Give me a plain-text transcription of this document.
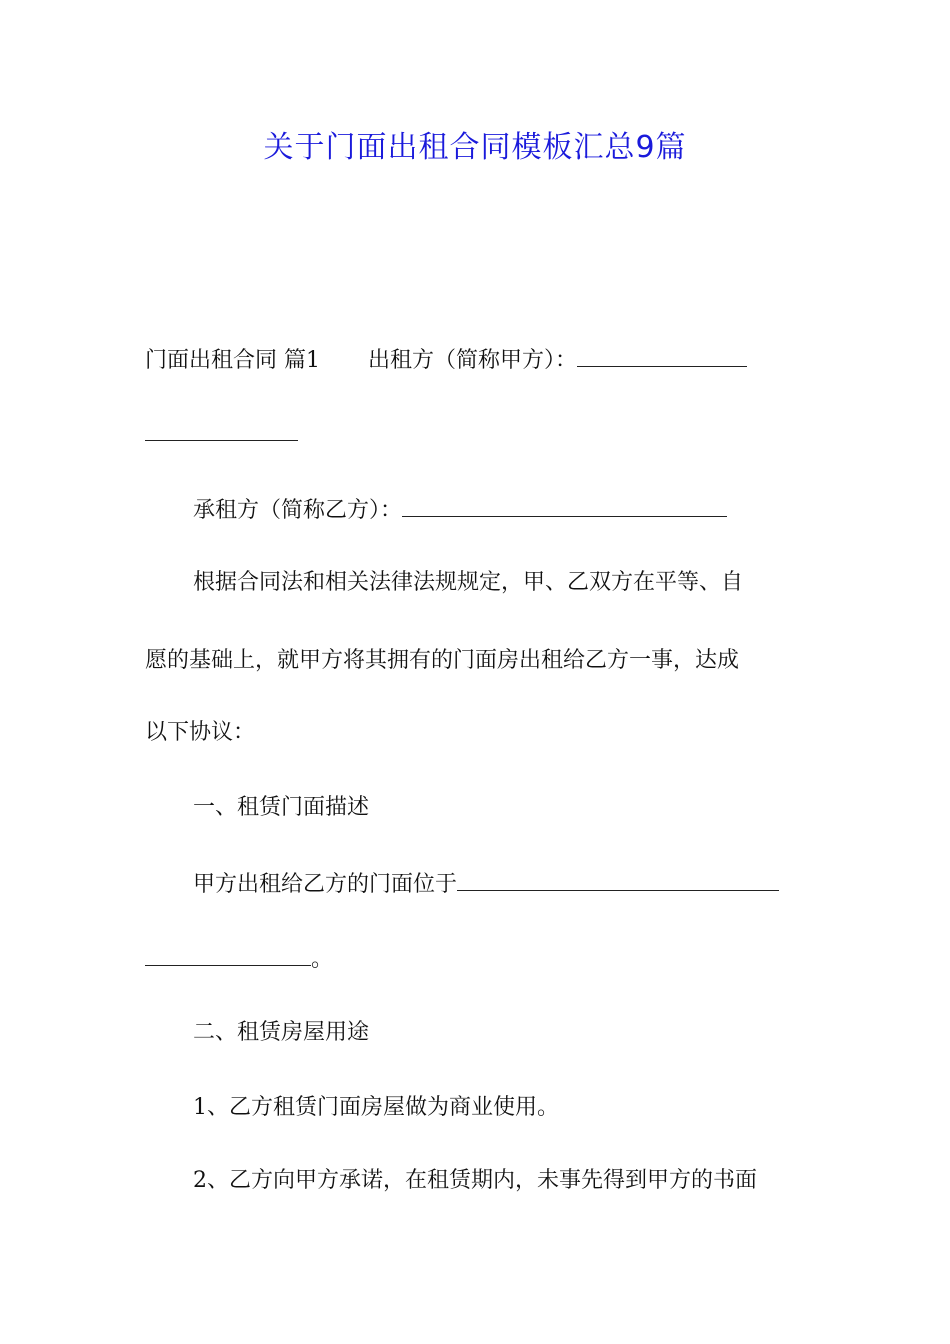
关于门面出租合同模板汇总9篇
门面出租合同 篇1 出租方（简称甲方）：
承租方（简称乙方）：
根据合同法和相关法律法规规定，甲、乙双方在平等、自
愿的基础上，就甲方将其拥有的门面房出租给乙方一事，达成
以下协议：
一、租赁门面描述
甲方出租给乙方的门面位于
。
二、租赁房屋用途
1、乙方租赁门面房屋做为商业使用。
2、乙方向甲方承诺，在租赁期内，未事先得到甲方的书面
